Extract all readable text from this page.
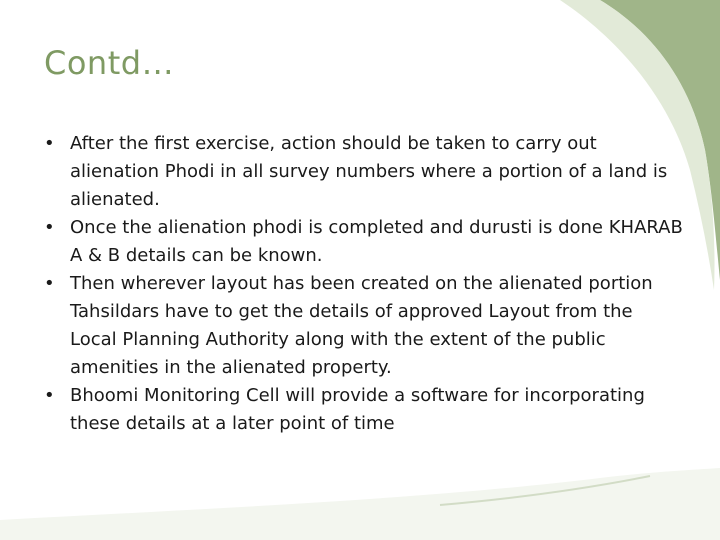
Contd…
• After the first exercise, action should be taken to carry out alienation Phodi in all survey numbers where a portion of a land is alienated.
• Once the alienation phodi is completed and durusti is done KHARAB A & B details can be known.
• Then wherever layout has been created on the alienated portion Tahsildars have to get the details of approved Layout from the Local Planning Authority along with the extent of the public amenities in the alienated property.
• Bhoomi Monitoring Cell will provide a software for incorporating these details at a later point of time
